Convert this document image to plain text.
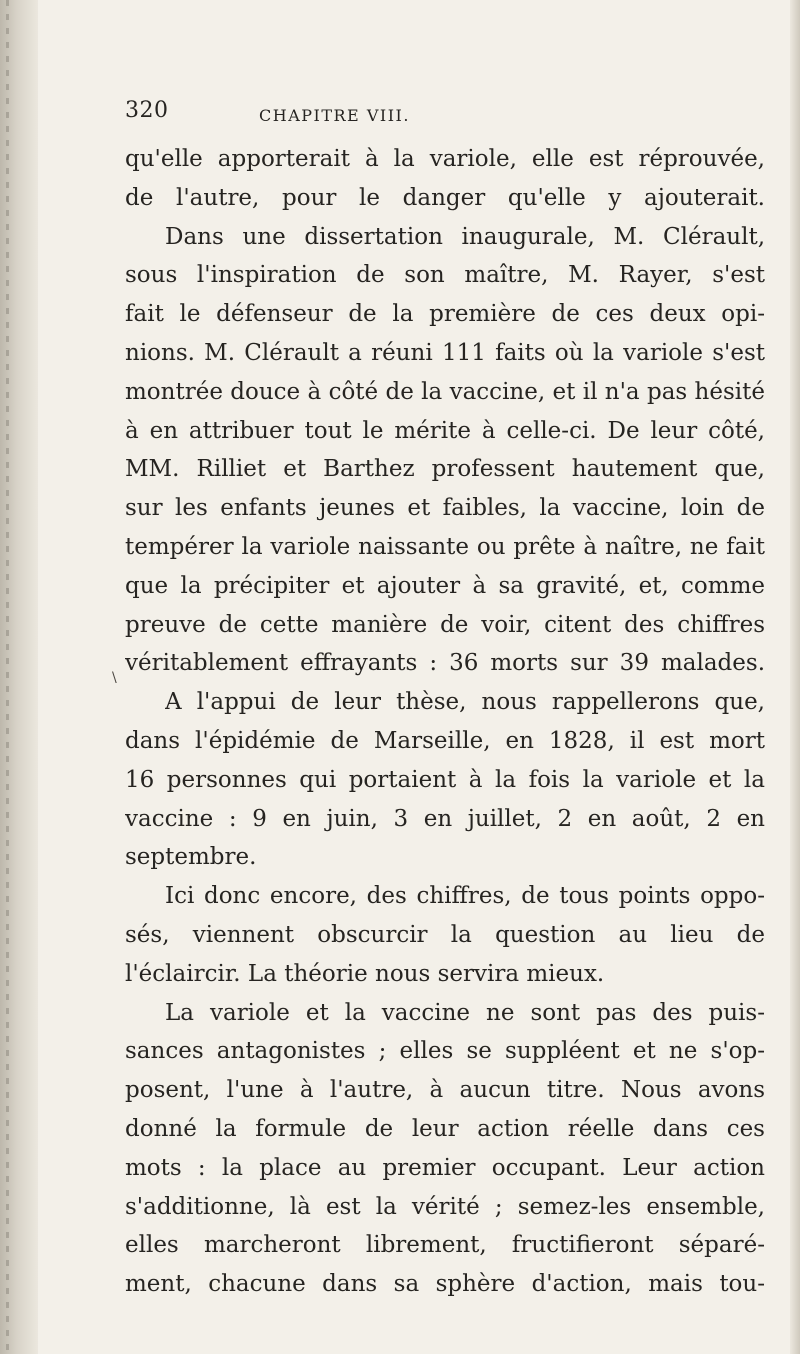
320	CHAPITRE VIII.
\
qu'elle apporterait à la variole, elle est réprouvée,
de l'autre, pour le danger qu'elle y ajouterait.
Dans une dissertation inaugurale, M. Clérault,
sous l'inspiration de son maître, M. Rayer, s'est
fait le défenseur de la première de ces deux opi-
nions. M. Clérault a réuni 111 faits où la variole s'est
montrée douce à côté de la vaccine, et il n'a pas hésité
à en attribuer tout le mérite à celle-ci. De leur côté,
MM. Rilliet et Barthez professent hautement que,
sur les enfants jeunes et faibles, la vaccine, loin de
tempérer la variole naissante ou prête à naître, ne fait
que la précipiter et ajouter à sa gravité, et, comme
preuve de cette manière de voir, citent des chiffres
véritablement effrayants : 36 morts sur 39 malades.
A l'appui de leur thèse, nous rappellerons que,
dans l'épidémie de Marseille, en 1828, il est mort
16 personnes qui portaient à la fois la variole et la
vaccine : 9 en juin, 3 en juillet, 2 en août, 2 en
septembre.
Ici donc encore, des chiffres, de tous points oppo-
sés, viennent obscurcir la question au lieu de
l'éclaircir. La théorie nous servira mieux.
La variole et la vaccine ne sont pas des puis-
sances antagonistes ; elles se suppléent et ne s'op-
posent, l'une à l'autre, à aucun titre. Nous avons
donné la formule de leur action réelle dans ces
mots : la place au premier occupant. Leur action
s'additionne, là est la vérité ; semez-les ensemble,
elles marcheront librement, fructifieront séparé-
ment, chacune dans sa sphère d'action, mais tou-
